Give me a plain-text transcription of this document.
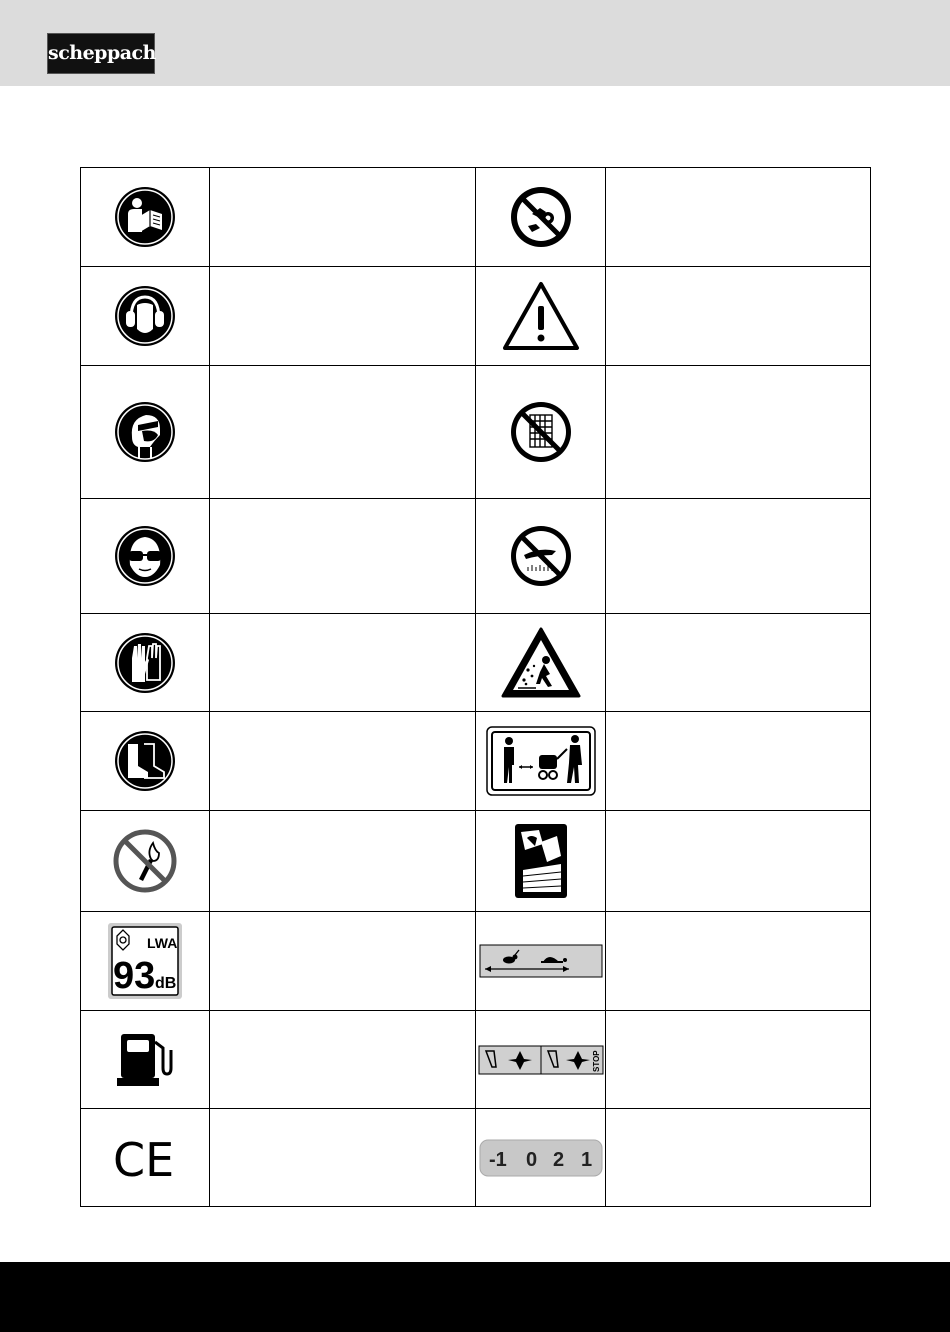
scheppach

LWA
93 dB

STOP	

CE		-1 0 2 1	
